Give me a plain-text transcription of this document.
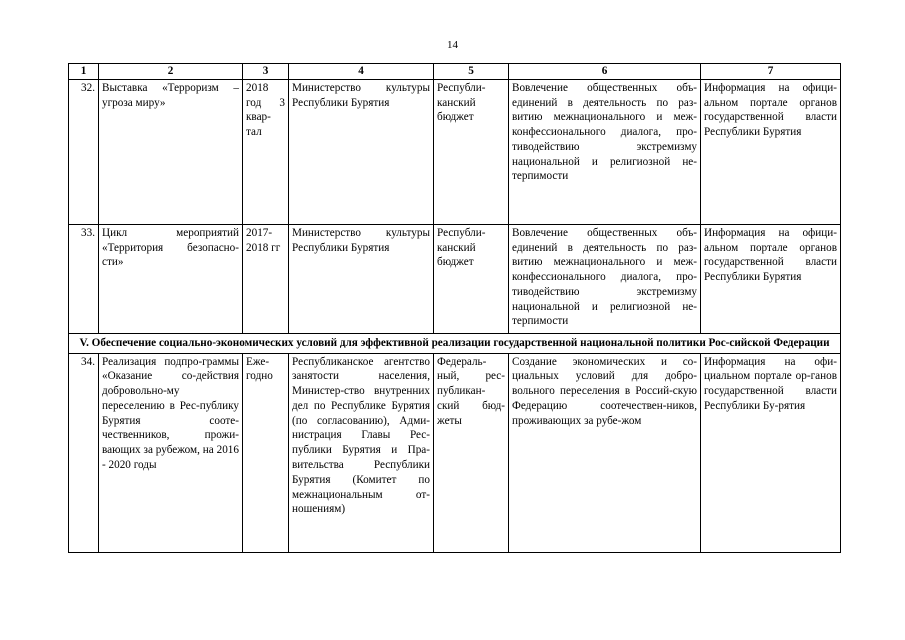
14
1	2	3	4	5	6	7
32.	Выставка «Терроризм – угроза миру»	2018 год 3 квар-тал	Министерство культуры Республики Бурятия	Республи-канский бюджет	Вовлечение общественных объ-единений в деятельность по раз-витию межнационального и меж-конфессионального диалога, про-тиводействию экстремизму национальной и религиозной не-терпимости	Информация на офици-альном портале органов государственной власти Республики Бурятия
33.	Цикл мероприятий «Территория безопасно-сти»	2017-2018 гг	Министерство культуры Республики Бурятия	Республи-канский бюджет	Вовлечение общественных объ-единений в деятельность по раз-витию межнационального и меж-конфессионального диалога, про-тиводействию экстремизму национальной и религиозной не-терпимости	Информация на офици-альном портале органов государственной власти Республики Бурятия
V. Обеспечение социально-экономических условий для эффективной реализации государственной национальной политики Рос-сийской Федерации						
34.	Реализация подпро-граммы «Оказание со-действия добровольно-му переселению в Рес-публику Бурятия соотe-чественников, прожи-вающих за рубежом, на 2016 - 2020 годы	Еже-годно	Республиканское агентство занятости населения, Министер-ство внутренних дел по Республике Бурятия (по согласованию), Адми-нистрация Главы Рес-публики Бурятия и Пра-вительства Республики Бурятия (Комитет по межнациональным от-ношениям)	Федераль-ный, рес-публикан-ский бюд-жеты	Создание экономических и со-циальных условий для добро-вольного переселения в Россий-скую Федерацию соотечествен-ников, проживающих за рубе-жом	Информация на офи-циальном портале ор-ганов государственной власти Республики Бу-рятия
